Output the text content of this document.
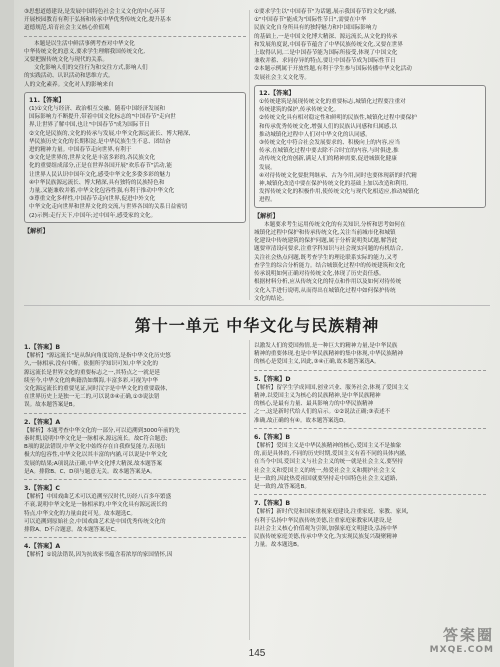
③思想道德建设,是发展中国特色社会主义文化的中心环节

开展校园教育有利于弘扬和传承中华优秀传统文化,提升基本

道德规范,培育社会主义核心价值观

本题是以生活中鲜活事例考查对中华文化

中华传统文化的意义,要求学生理解我国传统文化,

又要把握传统文化与现代的关系。

文化影响人们的交往行为和交往方式,影响人们

的实践活动、认识活动和思维方式。

人的文化素养。文化对人的影响来自

11.【答案】

(1)①文化与经济、政治相互交融。随着中国经济发展和

国际影响力不断提升,带着中国文化标志的"中国春节"走向世

界,让世界了解中国,也让"中国春节"成为国际节日

②文化是民族的,文化的传承与发展,中华文化源远流长、博大精深,

华民族历史文化的长期积淀,是中华民族生生不息、团结奋

进的精神力量。中国春节走向世界,有利于

③文化是世界的,世界文化是丰富多彩的,各民族文化

化的重要组成部分,正是在世界各国开展"欢乐春节"活动,能

让世界人民认识中国年文化,感受中华文化多姿多彩的魅力

④中华民族源远流长、博大精深,具有独特的民族特色和

力量,又能兼收并蓄,中华文化包容性强,有利于推动中华文化

③尊重文化多样性,中国春节走向世界,促进中外文化

中华文化走向世界和世界文化的交流,与世界各国的关系日益密切

(2)示例:走行天下,中国年;过中国年,感受家的文化。

【解析】

①要求学生以"中国春节"为话题,展示我国春节的文化内涵,

①"中国春节"能成为"国际性节日",需要在中华

民族文化自身所具有的独特魅力和中国国际影响力

的基础上,一是中国文化博大精深、源远流长,从文化的传承

和发展角度说,中国春节蕴含了中华民族传统文化,又要在世界

上取得认同,二是中国春节能为国际所接受,体现了中国文化

兼收并蓄、求同存异的特点,要让中国春节成为国际性节日

②本题示例属于开放性题,有利于学生参与国际传播中华文化活动

发展社会主义文化等。

12.【答案】

①传统建筑是展现传统文化的重要标志,城镇化过程要注重对

传统建筑的保护,传承传统文化。

②传统文化具有相对稳定性和鲜明的民族性,城镇化过程中要保护

和传承优秀传统文化,增强人们的民族认同感和归属感,以

推动城镇化过程中人们对中华文化的认同感。

③传统文化中符合社会发展要求的、积极向上的内容,应当

传承,在城镇化过程中要去除不合时宜的内容,与时俱进,推

动传统文化的创新,满足人们的精神需要,促进城镇化健康

发展。

④对待传统文化要批判继承、古为今用,同时也要体现新的时代精

神,城镇化改造中要在保护传统文化的基础上加以改造和利用,

发挥传统文化的积极作用,使传统文化与现代化相适应,推动城镇化

进程。

【解析】

本题要求考生运用传统文化的有关知识,分析和思考如何在

城镇化过程中保护和传承传统文化,关注当前城市化和城镇

化建设中传统建筑的保护问题,属于分析说明类试题,解答此

题要审清设问要求,注重学科知识与社会现实问题的有机结合,

关注社会热点问题,既考查学生的理论联系实际的能力,又考

查学生的综合分析能力。结合城镇化过程中的传统建筑和文化

传承说明如何正确对待传统文化,体现了历史责任感。

根据材料分析,应从传统文化的特点和作用以及如何对待传统

文化入手进行说明,从而得出在城镇化过程中如何保护传统

文化的结论。

第十一单元 中华文化与民族精神
1.【答案】B

【解析】"源远流长"是从纵向角度说的,是指中华文化历史悠

久,一脉相承,没有中断。依据所学知识可知,中华文化的

源远流长是世界文化的重要标志之一,其特点之一就是延

续至今,中华文化的典籍浩如烟海,丰富多彩,可视为中华

文化源远流长的重要见证,同时汉字是中华文化的重要载体,

在世界历史上是独一无二的,可以说③④正确,①③说法错

误。故本题答案是B。

2.【答案】A

【解析】本题考查中华文化的一部分,可以追溯到3000年前的先

秦时期,说明中华文化是一脉相承,源远流长。故C符合题意;

B项的说法错误,中华文化中始终存在自我修复能力,表现出

极大的包容性,中华文化以其丰富的内涵,可以说是中华文化

发展的结果;A项说法正确,中华文化博大精深,故本题答案

是A。排除B、C、D项与题意无关。故本题答案是A。

3.【答案】C

【解析】中国戏曲艺术可以追溯至汉时代,历经八百多年繁盛

不衰,说明中华文化是一脉相承的,中华文化具有源远流长的

特点,中华文化的力量由此可见。故本题选C。

可以追溯到原始社会,中国戏曲艺术是中国优秀传统文化的

排除A、D不合题意。故本题答案是C。

4.【答案】A

【解析】①说法错误,因为抗战家书蕴含着浓厚的家国情怀,因

以激发人们的爱国热情,是一种巨大的精神力量,是中华民族

精神的重要体现,也是中华民族精神的集中体现,中华民族精神

的核心是爱国主义,因此,③④正确,故本题答案选A。

5.【答案】D

【解析】留学生学成回国,创业兴业、服务社会,体现了爱国主义

精神,以爱国主义为核心的民族精神,是中华民族精神

的核心,是最有力量、最具影响力的中华民族精神

之一,这是新时代给人们的启示。①②说法正确;③表述不

准确,故正确的有④。故本题答案选D。

6.【答案】B

【解析】爱国主义是中华民族精神的核心,爱国主义不是抽象

的,而是具体的,不同的历史时期,爱国主义有着不同的具体内涵,

在当今中国,爱国主义与社会主义的统一就是社会主义,要坚持

社会主义和爱国主义的统一,热爱社会主义和拥护社会主义

是一致的,因此热爱祖国就要坚持走中国特色社会主义道路,

是一致的,故答案选B。

7.【答案】B

【解析】新时代党和国家重视家庭建设,注重家庭、家教、家风,

有利于弘扬中华民族传统美德,注重家庭家教家风建设,是

以社会主义核心价值观为引领,加强家庭文明建设,弘扬中华

民族传统家庭美德,传承中华文化,为实现民族复兴凝聚精神

力量。故本题选B。

145
答案圈
MXQE.COM
